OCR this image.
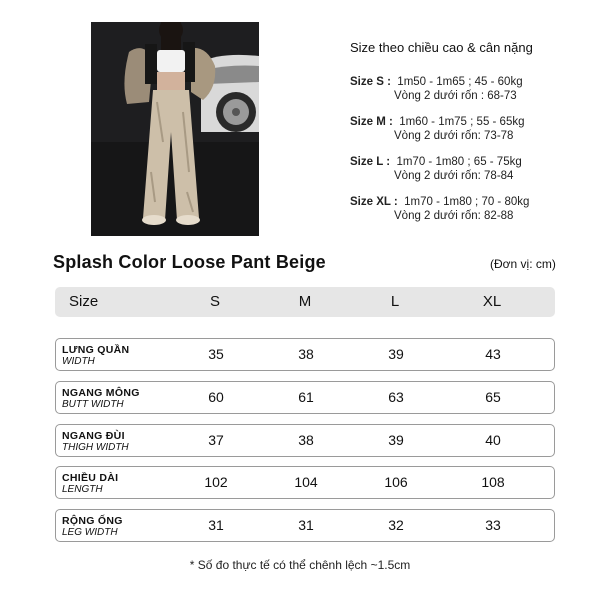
Size theo chiều cao & cân nặng
Size S : 1m50 - 1m65 ; 45 - 60kg
Vòng 2 dưới rốn : 68-73
Size M : 1m60 - 1m75 ; 55 - 65kg
Vòng 2 dưới rốn: 73-78
Size L : 1m70 - 1m80 ; 65 - 75kg
Vòng 2 dưới rốn: 78-84
Size XL : 1m70 - 1m80 ; 70 - 80kg
Vòng 2 dưới rốn: 82-88
Splash Color Loose Pant Beige	(Đơn vị: cm)
Size	S	M	L	XL
LƯNG QUẦN
WIDTH	35	38	39	43
NGANG MÔNG
BUTT WIDTH	60	61	63	65
NGANG ĐÙI
THIGH WIDTH	37	38	39	40
CHIỀU DÀI
LENGTH	102	104	106	108
RỘNG ỐNG
LEG WIDTH	31	31	32	33
* Số đo thực tế có thể chênh lệch ~1.5cm
